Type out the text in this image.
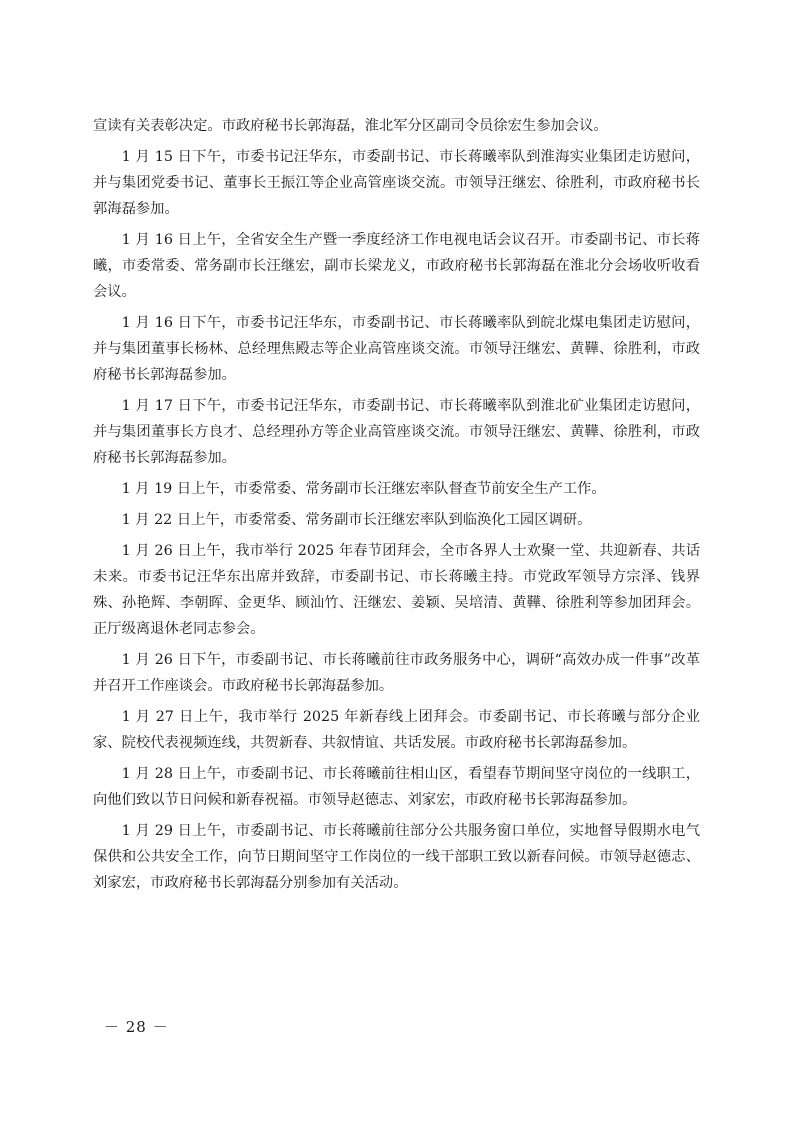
宣读有关表彰决定。市政府秘书长郭海磊，淮北军分区副司令员徐宏生参加会议。

1 月 15 日下午，市委书记汪华东，市委副书记、市长蒋曦率队到淮海实业集团走访慰问，并与集团党委书记、董事长王振江等企业高管座谈交流。市领导汪继宏、徐胜利，市政府秘书长郭海磊参加。

1 月 16 日上午，全省安全生产暨一季度经济工作电视电话会议召开。市委副书记、市长蒋曦，市委常委、常务副市长汪继宏，副市长梁龙义，市政府秘书长郭海磊在淮北分会场收听收看会议。

1 月 16 日下午，市委书记汪华东，市委副书记、市长蒋曦率队到皖北煤电集团走访慰问，并与集团董事长杨林、总经理焦殿志等企业高管座谈交流。市领导汪继宏、黄鞾、徐胜利，市政府秘书长郭海磊参加。

1 月 17 日下午，市委书记汪华东，市委副书记、市长蒋曦率队到淮北矿业集团走访慰问，并与集团董事长方良才、总经理孙方等企业高管座谈交流。市领导汪继宏、黄鞾、徐胜利，市政府秘书长郭海磊参加。

1 月 19 日上午，市委常委、常务副市长汪继宏率队督查节前安全生产工作。

1 月 22 日上午，市委常委、常务副市长汪继宏率队到临涣化工园区调研。

1 月 26 日上午，我市举行 2025 年春节团拜会，全市各界人士欢聚一堂、共迎新春、共话未来。市委书记汪华东出席并致辞，市委副书记、市长蒋曦主持。市党政军领导方宗泽、钱界殊、孙艳辉、李朝晖、金更华、顾汕竹、汪继宏、姜颖、吴培清、黄鞾、徐胜利等参加团拜会。正厅级离退休老同志参会。

1 月 26 日下午，市委副书记、市长蒋曦前往市政务服务中心，调研“高效办成一件事”改革并召开工作座谈会。市政府秘书长郭海磊参加。

1 月 27 日上午，我市举行 2025 年新春线上团拜会。市委副书记、市长蒋曦与部分企业家、院校代表视频连线，共贺新春、共叙情谊、共话发展。市政府秘书长郭海磊参加。

1 月 28 日上午，市委副书记、市长蒋曦前往相山区，看望春节期间坚守岗位的一线职工，向他们致以节日问候和新春祝福。市领导赵德志、刘家宏，市政府秘书长郭海磊参加。

1 月 29 日上午，市委副书记、市长蒋曦前往部分公共服务窗口单位，实地督导假期水电气保供和公共安全工作，向节日期间坚守工作岗位的一线干部职工致以新春问候。市领导赵德志、刘家宏，市政府秘书长郭海磊分别参加有关活动。

－ 28 －
